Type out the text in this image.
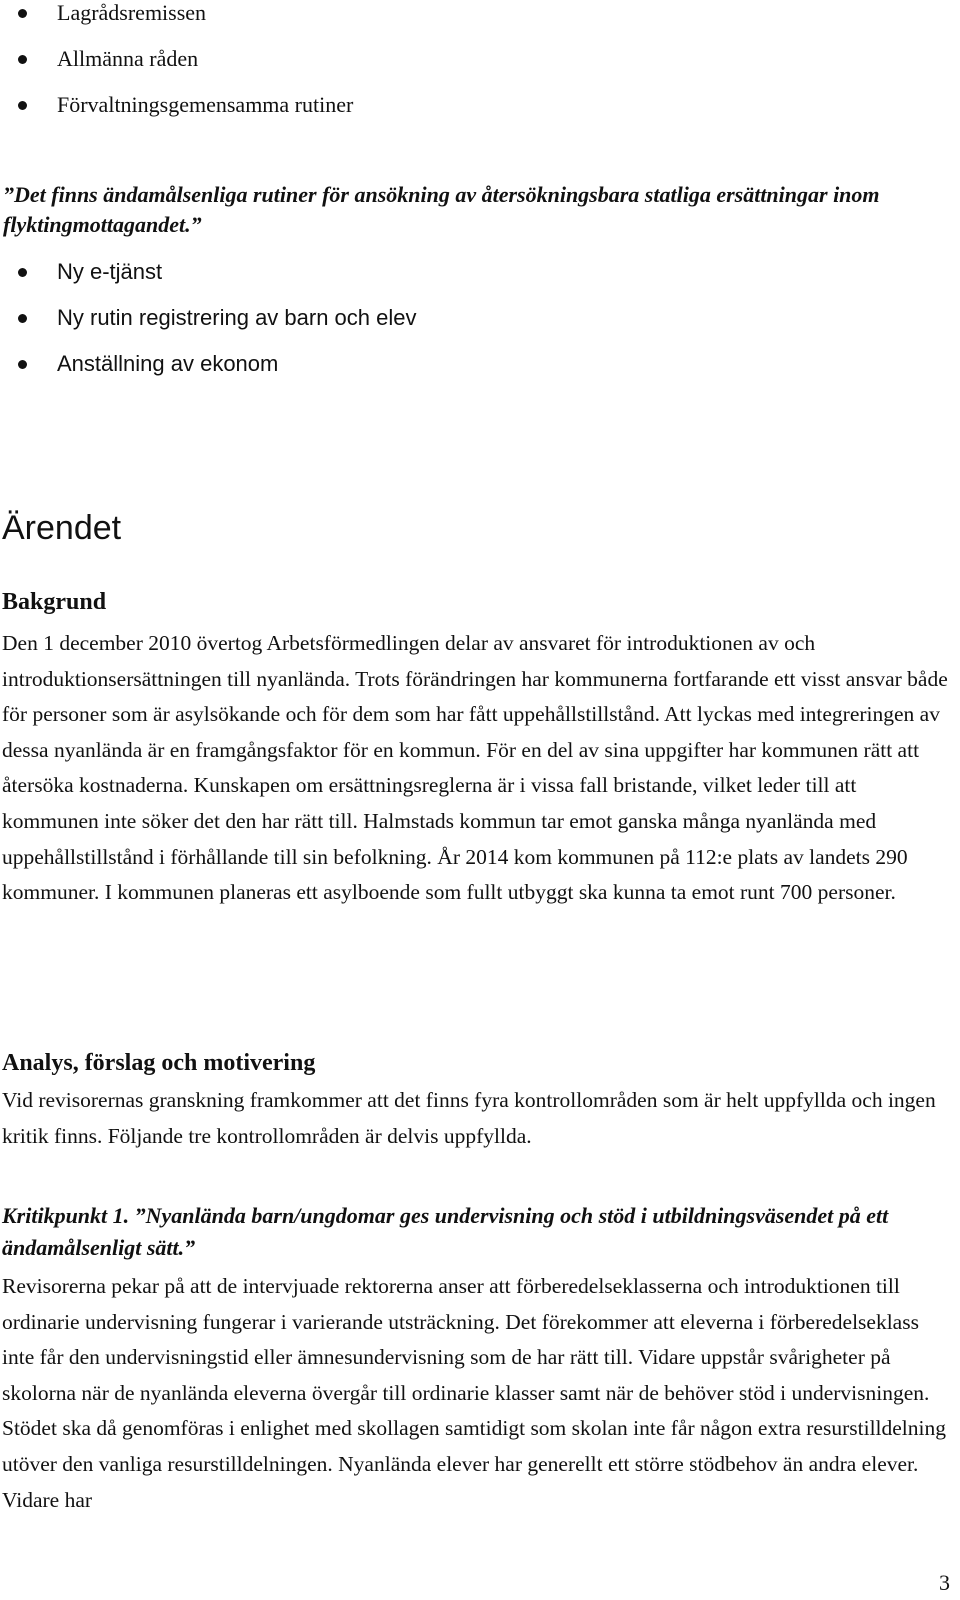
Lagrådsremissen
Allmänna råden
Förvaltningsgemensamma rutiner
”Det finns ändamålsenliga rutiner för ansökning av återsökningsbara statliga ersättningar inom flyktingmottagandet.”
Ny e-tjänst
Ny rutin registrering av barn och elev
Anställning av ekonom
Ärendet
Bakgrund
Den 1 december 2010 övertog Arbetsförmedlingen delar av ansvaret för introduktionen av och introduktionsersättningen till nyanlända. Trots förändringen har kommunerna fortfarande ett visst ansvar både för personer som är asylsökande och för dem som har fått uppehållstillstånd. Att lyckas med integreringen av dessa nyanlända är en framgångsfaktor för en kommun. För en del av sina uppgifter har kommunen rätt att återsöka kostnaderna. Kunskapen om ersättningsreglerna är i vissa fall bristande, vilket leder till att kommunen inte söker det den har rätt till. Halmstads kommun tar emot ganska många nyanlända med uppehållstillstånd i förhållande till sin befolkning. År 2014 kom kommunen på 112:e plats av landets 290 kommuner. I kommunen planeras ett asylboende som fullt utbyggt ska kunna ta emot runt 700 personer.
Analys, förslag och motivering
Vid revisorernas granskning framkommer att det finns fyra kontrollområden som är helt uppfyllda och ingen kritik finns. Följande tre kontrollområden är delvis uppfyllda.
Kritikpunkt 1. ”Nyanlända barn/ungdomar ges undervisning och stöd i utbildningsväsendet på ett ändamålsenligt sätt.”
Revisorerna pekar på att de intervjuade rektorerna anser att förberedelseklasserna och introduktionen till ordinarie undervisning fungerar i varierande utsträckning. Det förekommer att eleverna i förberedelseklass inte får den undervisningstid eller ämnesundervisning som de har rätt till. Vidare uppstår svårigheter på skolorna när de nyanlända eleverna övergår till ordinarie klasser samt när de behöver stöd i undervisningen. Stödet ska då genomföras i enlighet med skollagen samtidigt som skolan inte får någon extra resurstilldelning utöver den vanliga resurstilldelningen. Nyanlända elever har generellt ett större stödbehov än andra elever. Vidare har
3
